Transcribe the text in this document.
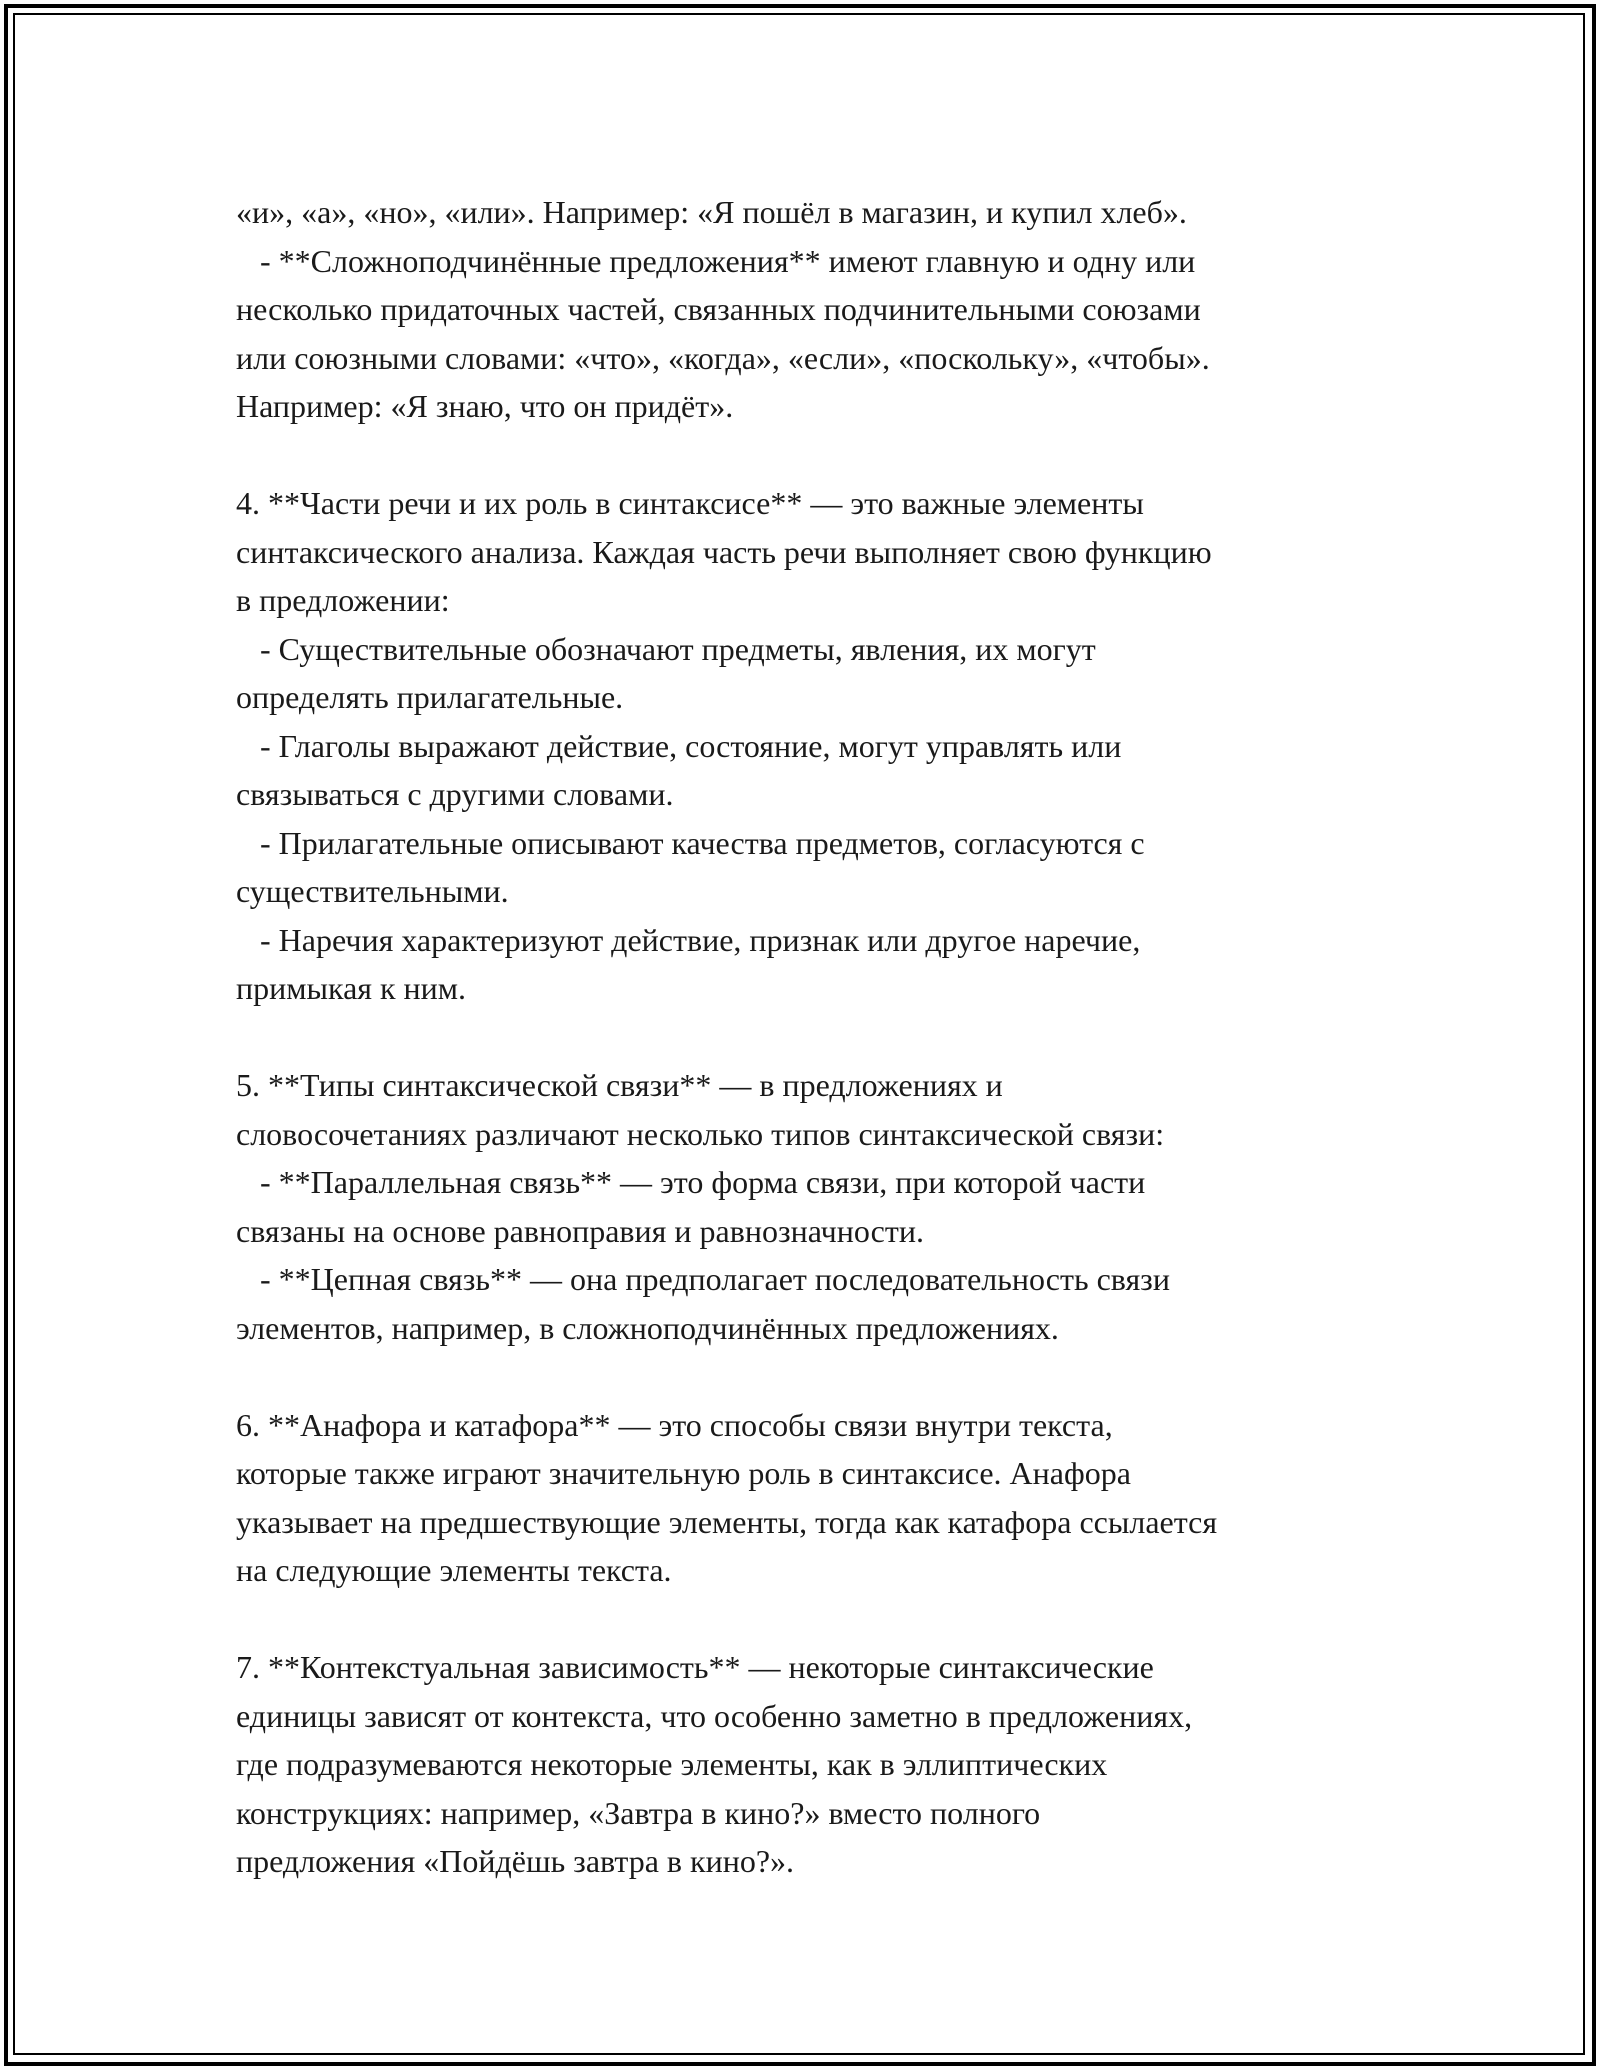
«и», «а», «но», «или». Например: «Я пошёл в магазин, и купил хлеб».
- **Сложноподчинённые предложения** имеют главную и одну или
несколько придаточных частей, связанных подчинительными союзами
или союзными словами: «что», «когда», «если», «поскольку», «чтобы».
Например: «Я знаю, что он придёт».
4. **Части речи и их роль в синтаксисе** — это важные элементы
синтаксического анализа. Каждая часть речи выполняет свою функцию
в предложении:
- Существительные обозначают предметы, явления, их могут
определять прилагательные.
- Глаголы выражают действие, состояние, могут управлять или
связываться с другими словами.
- Прилагательные описывают качества предметов, согласуются с
существительными.
- Наречия характеризуют действие, признак или другое наречие,
примыкая к ним.
5. **Типы синтаксической связи** — в предложениях и
словосочетаниях различают несколько типов синтаксической связи:
- **Параллельная связь** — это форма связи, при которой части
связаны на основе равноправия и равнозначности.
- **Цепная связь** — она предполагает последовательность связи
элементов, например, в сложноподчинённых предложениях.
6. **Анафора и катафора** — это способы связи внутри текста,
которые также играют значительную роль в синтаксисе. Анафора
указывает на предшествующие элементы, тогда как катафора ссылается
на следующие элементы текста.
7. **Контекстуальная зависимость** — некоторые синтаксические
единицы зависят от контекста, что особенно заметно в предложениях,
где подразумеваются некоторые элементы, как в эллиптических
конструкциях: например, «Завтра в кино?» вместо полного
предложения «Пойдёшь завтра в кино?».
